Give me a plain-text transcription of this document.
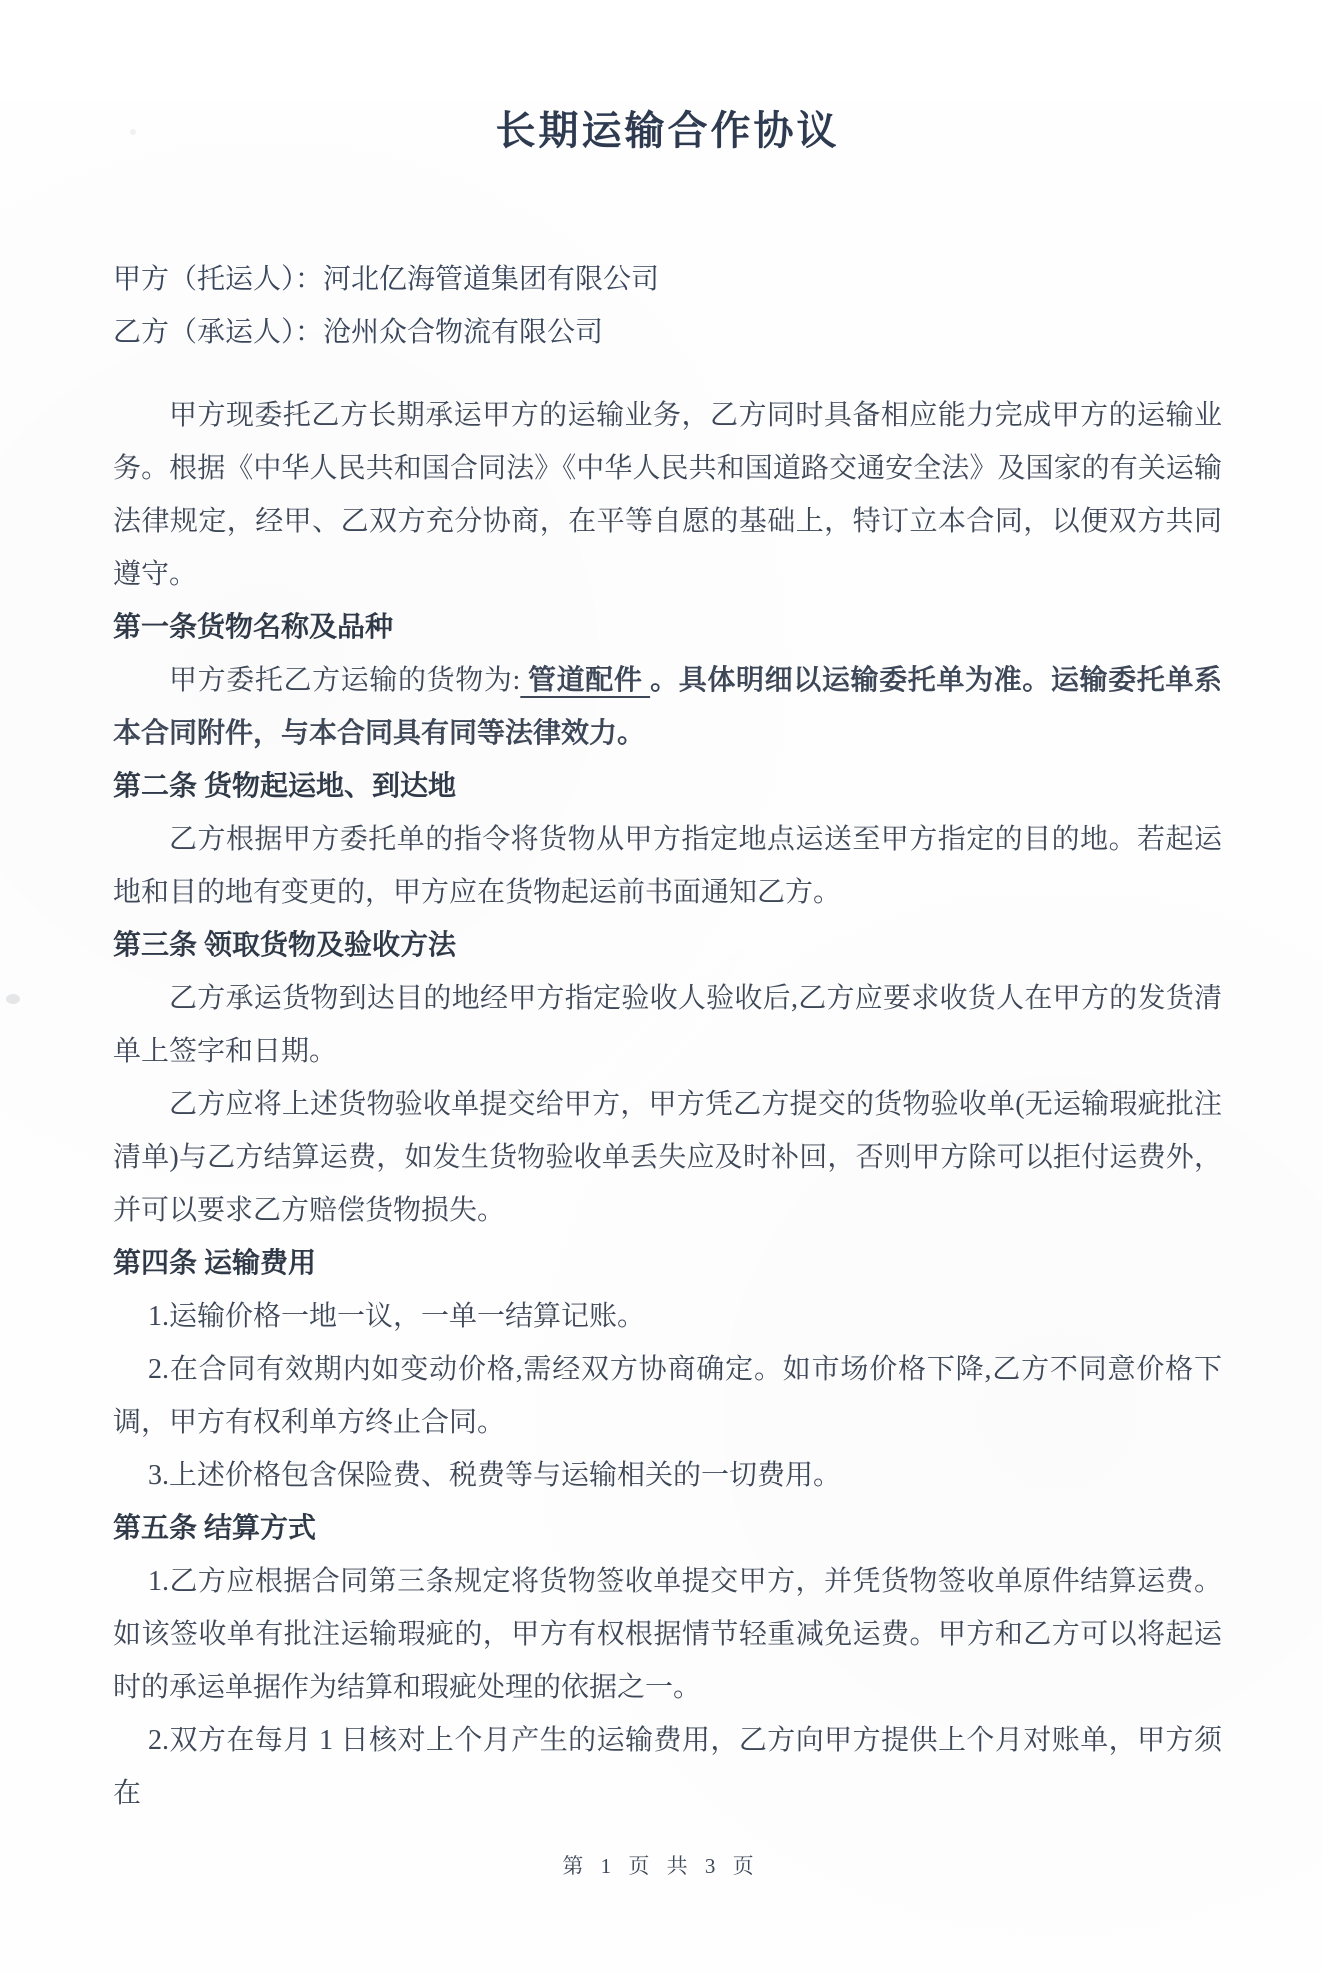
长期运输合作协议
甲方（托运人）：河北亿海管道集团有限公司
乙方（承运人）：沧州众合物流有限公司

甲方现委托乙方长期承运甲方的运输业务，乙方同时具备相应能力完成甲方的运输业务。根据《中华人民共和国合同法》《中华人民共和国道路交通安全法》及国家的有关运输法律规定，经甲、乙双方充分协商，在平等自愿的基础上，特订立本合同，以便双方共同遵守。

第一条货物名称及品种

甲方委托乙方运输的货物为: 管道配件 。具体明细以运输委托单为准。运输委托单系本合同附件，与本合同具有同等法律效力。

第二条 货物起运地、到达地

乙方根据甲方委托单的指令将货物从甲方指定地点运送至甲方指定的目的地。若起运地和目的地有变更的，甲方应在货物起运前书面通知乙方。

第三条 领取货物及验收方法

乙方承运货物到达目的地经甲方指定验收人验收后,乙方应要求收货人在甲方的发货清单上签字和日期。

乙方应将上述货物验收单提交给甲方，甲方凭乙方提交的货物验收单(无运输瑕疵批注清单)与乙方结算运费，如发生货物验收单丢失应及时补回，否则甲方除可以拒付运费外，并可以要求乙方赔偿货物损失。

第四条 运输费用

1.运输价格一地一议，一单一结算记账。

2.在合同有效期内如变动价格,需经双方协商确定。如市场价格下降,乙方不同意价格下调，甲方有权利单方终止合同。

3.上述价格包含保险费、税费等与运输相关的一切费用。

第五条 结算方式

1.乙方应根据合同第三条规定将货物签收单提交甲方，并凭货物签收单原件结算运费。如该签收单有批注运输瑕疵的，甲方有权根据情节轻重减免运费。甲方和乙方可以将起运时的承运单据作为结算和瑕疵处理的依据之一。

2.双方在每月 1 日核对上个月产生的运输费用，乙方向甲方提供上个月对账单，甲方须在

第 1 页 共 3 页
